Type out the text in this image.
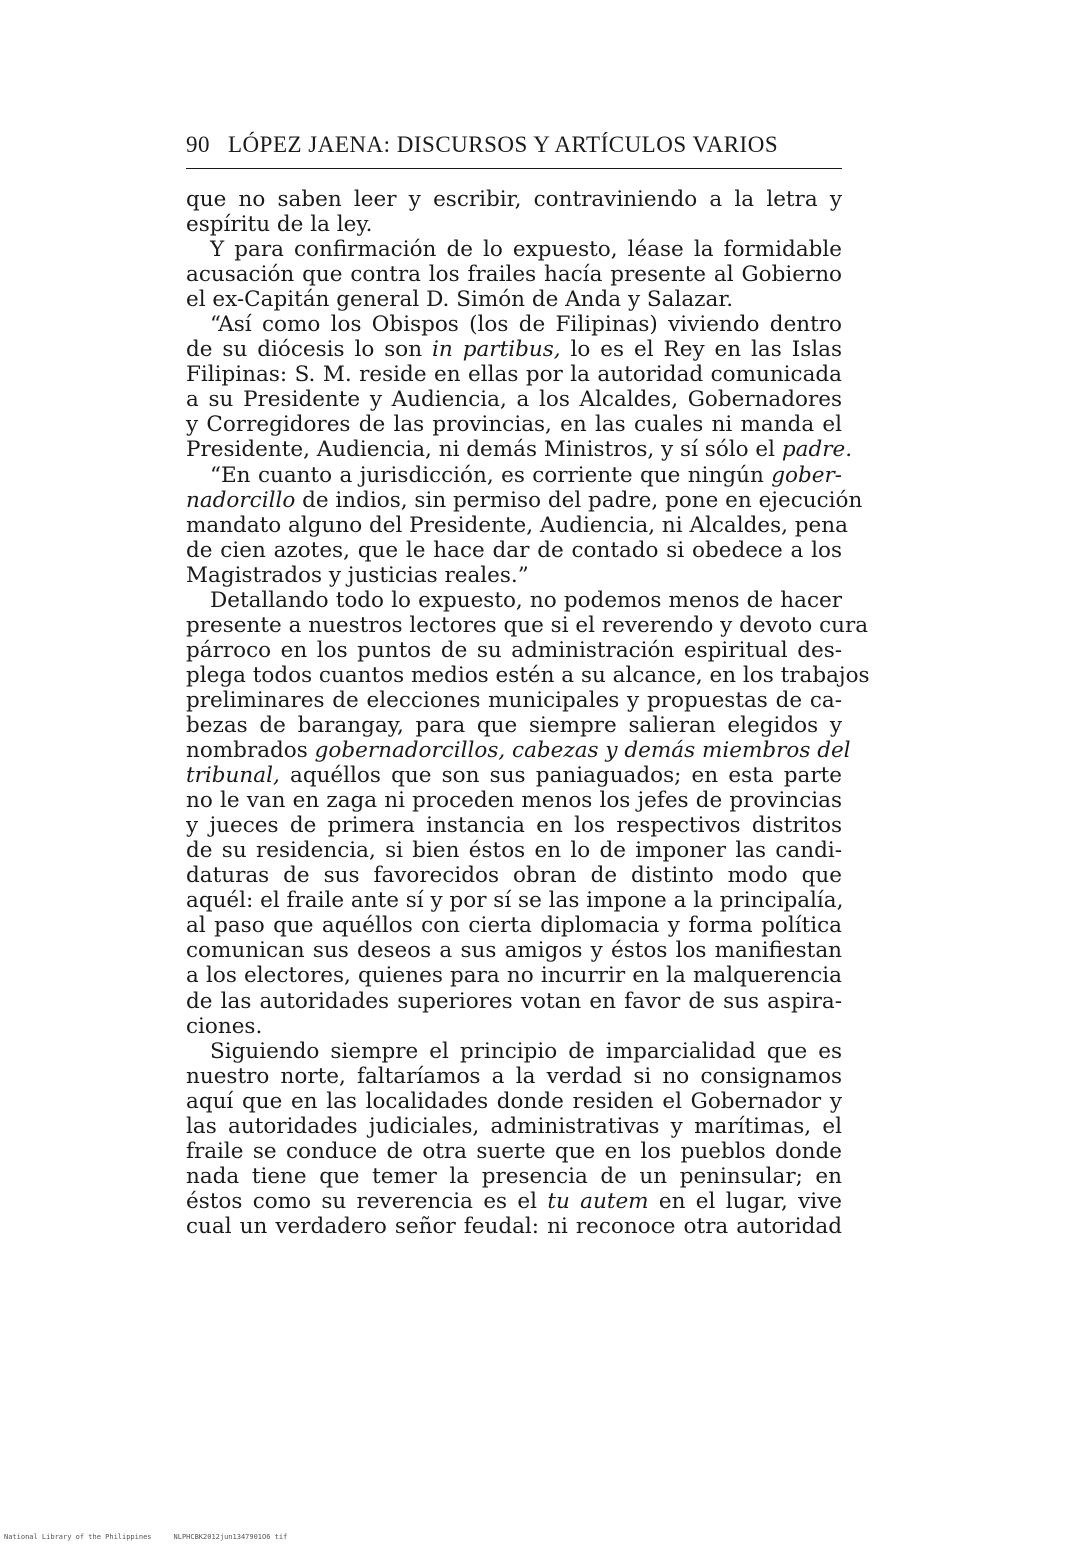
90 LÓPEZ JAENA: DISCURSOS Y ARTÍCULOS VARIOS
que no saben leer y escribir, contraviniendo a la letra y
espíritu de la ley.
Y para confirmación de lo expuesto, léase la formidable
acusación que contra los frailes hacía presente al Gobierno
el ex-Capitán general D. Simón de Anda y Salazar.
“Así como los Obispos (los de Filipinas) viviendo dentro
de su diócesis lo son in partibus, lo es el Rey en las Islas
Filipinas: S. M. reside en ellas por la autoridad comunicada
a su Presidente y Audiencia, a los Alcaldes, Gobernadores
y Corregidores de las provincias, en las cuales ni manda el
Presidente, Audiencia, ni demás Ministros, y sí sólo el padre.
“En cuanto a jurisdicción, es corriente que ningún gober-
nadorcillo de indios, sin permiso del padre, pone en ejecución
mandato alguno del Presidente, Audiencia, ni Alcaldes, pena
de cien azotes, que le hace dar de contado si obedece a los
Magistrados y justicias reales.”
Detallando todo lo expuesto, no podemos menos de hacer
presente a nuestros lectores que si el reverendo y devoto cura
párroco en los puntos de su administración espiritual des-
plega todos cuantos medios estén a su alcance, en los trabajos
preliminares de elecciones municipales y propuestas de ca-
bezas de barangay, para que siempre salieran elegidos y
nombrados gobernadorcillos, cabezas y demás miembros del
tribunal, aquéllos que son sus paniaguados; en esta parte
no le van en zaga ni proceden menos los jefes de provincias
y jueces de primera instancia en los respectivos distritos
de su residencia, si bien éstos en lo de imponer las candi-
daturas de sus favorecidos obran de distinto modo que
aquél: el fraile ante sí y por sí se las impone a la principalía,
al paso que aquéllos con cierta diplomacia y forma política
comunican sus deseos a sus amigos y éstos los manifiestan
a los electores, quienes para no incurrir en la malquerencia
de las autoridades superiores votan en favor de sus aspira-
ciones.
Siguiendo siempre el principio de imparcialidad que es
nuestro norte, faltaríamos a la verdad si no consignamos
aquí que en las localidades donde residen el Gobernador y
las autoridades judiciales, administrativas y marítimas, el
fraile se conduce de otra suerte que en los pueblos donde
nada tiene que temer la presencia de un peninsular; en
éstos como su reverencia es el tu autem en el lugar, vive
cual un verdadero señor feudal: ni reconoce otra autoridad
National Library of the Philippines	NLPHCBK2012jun1347901O6 tif
